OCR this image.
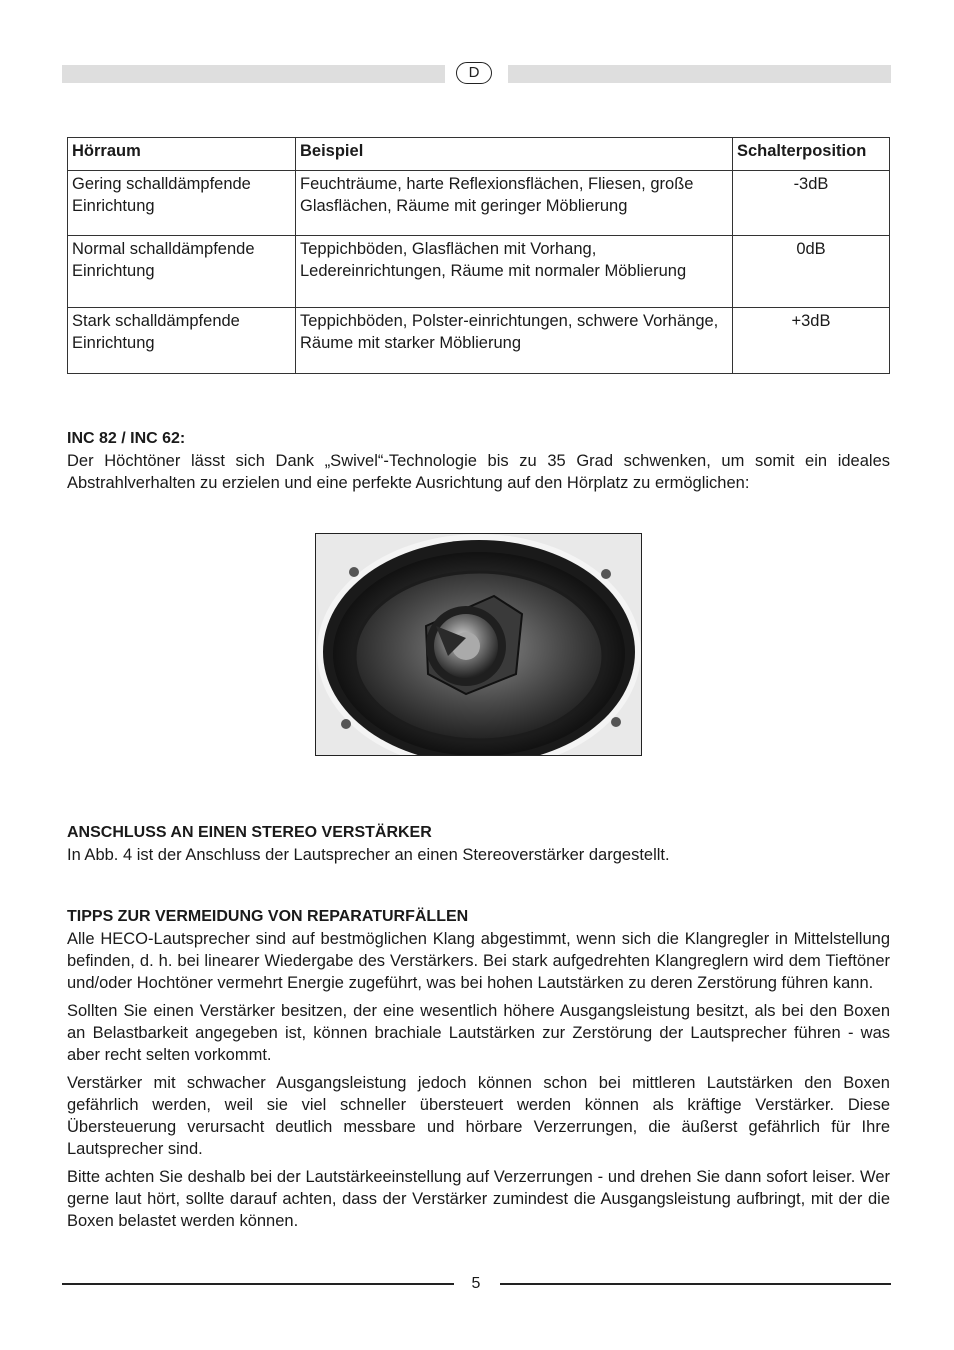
D
Hörraum	Beispiel	Schalterposition
Gering schalldämpfende Einrichtung	Feuchträume, harte Reflexionsflächen, Fliesen, große Glasflächen, Räume mit geringer Möblierung	-3dB
Normal schalldämpfende Einrichtung	Teppichböden, Glasflächen mit Vorhang, Ledereinrichtungen, Räume mit normaler Möblierung	0dB
Stark schalldämpfende Einrichtung	Teppichböden, Polster-einrichtungen, schwere Vorhänge, Räume mit starker Möblierung	+3dB
INC 82 / INC 62:

Der Höchtöner lässt sich Dank „Swivel“-Technologie bis zu 35 Grad schwenken, um somit ein ideales Abstrahlverhalten zu erzielen und eine perfekte Ausrichtung auf den Hörplatz zu ermöglichen:

ANSCHLUSS AN EINEN STEREO VERSTÄRKER

In Abb. 4 ist der Anschluss der Lautsprecher an einen Stereoverstärker dargestellt.

TIPPS ZUR VERMEIDUNG VON REPARATURFÄLLEN

Alle HECO-Lautsprecher sind auf bestmöglichen Klang abgestimmt, wenn sich die Klangregler in Mittelstellung befinden, d. h. bei linearer Wiedergabe des Verstärkers. Bei stark aufgedrehten Klangreglern wird dem Tieftöner und/oder Hochtöner vermehrt Energie zugeführt, was bei hohen Lautstärken zu deren Zerstörung führen kann.

Sollten Sie einen Verstärker besitzen, der eine wesentlich höhere Ausgangsleistung besitzt, als bei den Boxen an Belastbarkeit angegeben ist, können brachiale Lautstärken zur Zerstörung der Lautsprecher führen - was aber recht selten vorkommt.

Verstärker mit schwacher Ausgangsleistung jedoch können schon bei mittleren Lautstärken den Boxen gefährlich werden, weil sie viel schneller übersteuert werden können als kräftige Verstärker. Diese Übersteuerung verursacht deutlich messbare und hörbare Verzerrungen, die äußerst gefährlich für Ihre Lautsprecher sind.

Bitte achten Sie deshalb bei der Lautstärkeeinstellung auf Verzerrungen - und drehen Sie dann sofort leiser. Wer gerne laut hört, sollte darauf achten, dass der Verstärker zumindest die Ausgangsleistung aufbringt, mit der die Boxen belastet werden können.

5
